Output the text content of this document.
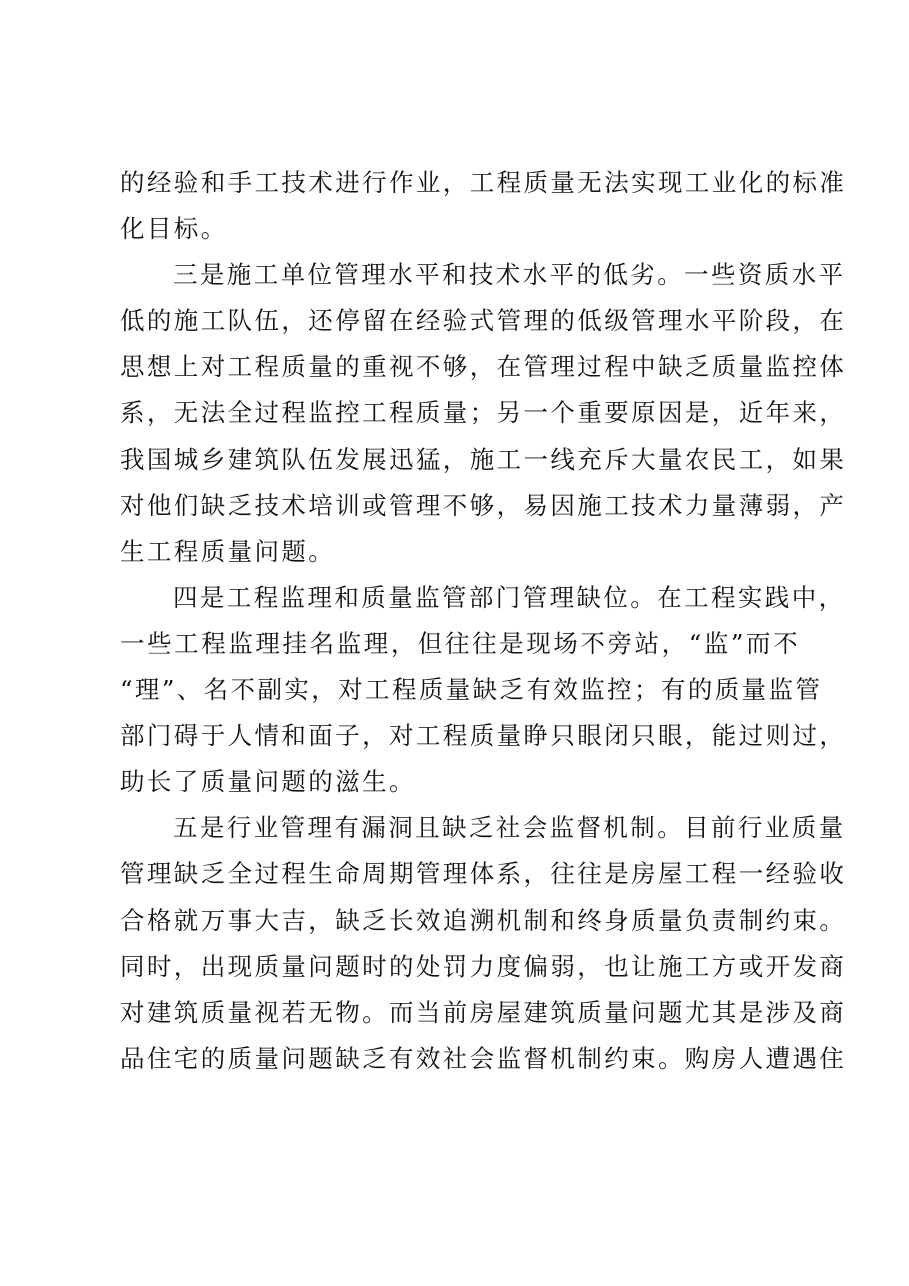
的经验和手工技术进行作业，工程质量无法实现工业化的标准
化目标。
三是施工单位管理水平和技术水平的低劣。一些资质水平
低的施工队伍，还停留在经验式管理的低级管理水平阶段，在
思想上对工程质量的重视不够，在管理过程中缺乏质量监控体
系，无法全过程监控工程质量；另一个重要原因是，近年来，
我国城乡建筑队伍发展迅猛，施工一线充斥大量农民工，如果
对他们缺乏技术培训或管理不够，易因施工技术力量薄弱，产
生工程质量问题。
四是工程监理和质量监管部门管理缺位。在工程实践中，
一些工程监理挂名监理，但往往是现场不旁站，“监”而不
“理”、名不副实，对工程质量缺乏有效监控；有的质量监管
部门碍于人情和面子，对工程质量睁只眼闭只眼，能过则过，
助长了质量问题的滋生。
五是行业管理有漏洞且缺乏社会监督机制。目前行业质量
管理缺乏全过程生命周期管理体系，往往是房屋工程一经验收
合格就万事大吉，缺乏长效追溯机制和终身质量负责制约束。
同时，出现质量问题时的处罚力度偏弱，也让施工方或开发商
对建筑质量视若无物。而当前房屋建筑质量问题尤其是涉及商
品住宅的质量问题缺乏有效社会监督机制约束。购房人遭遇住
